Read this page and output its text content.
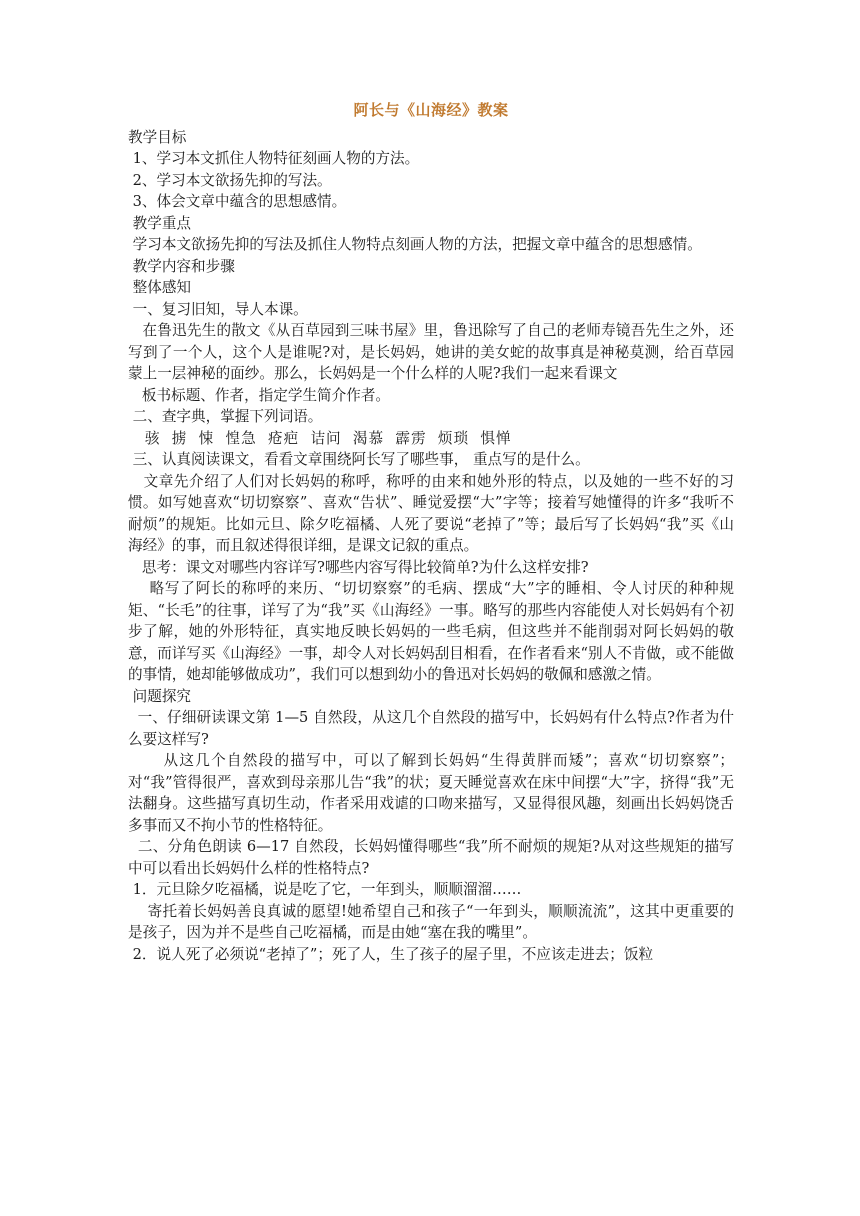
阿长与《山海经》教案

教学目标

1、学习本文抓住人物特征刻画人物的方法。

2、学习本文欲扬先抑的写法。

3、体会文章中蕴含的思想感情。

教学重点

学习本文欲扬先抑的写法及抓住人物特点刻画人物的方法，把握文章中蕴含的思想感情。

教学内容和步骤

整体感知

一、复习旧知，导人本课。

在鲁迅先生的散文《从百草园到三味书屋》里，鲁迅除写了自己的老师寿镜吾先生之外，还写到了一个人，这个人是谁呢?对，是长妈妈，她讲的美女蛇的故事真是神秘莫测，给百草园蒙上一层神秘的面纱。那么，长妈妈是一个什么样的人呢?我们一起来看课文

板书标题、作者，指定学生简介作者。

二、查字典，掌握下列词语。

骇  掳  悚  惶急  疮疤  诘问  渴慕  霹雳  烦琐  惧惮

三、认真阅读课文，看看文章围绕阿长写了哪些事， 重点写的是什么。

文章先介绍了人们对长妈妈的称呼，称呼的由来和她外形的特点，以及她的一些不好的习惯。如写她喜欢“切切察察”、喜欢“告状”、睡觉爱摆“大”字等；接着写她懂得的许多“我听不耐烦”的规矩。比如元旦、除夕吃福橘、人死了要说“老掉了”等；最后写了长妈妈“我”买《山海经》的事，而且叙述得很详细，是课文记叙的重点。

思考：课文对哪些内容详写?哪些内容写得比较简单?为什么这样安排?

略写了阿长的称呼的来历、“切切察察”的毛病、摆成“大”字的睡相、令人讨厌的种种规矩、“长毛”的往事，详写了为“我”买《山海经》一事。略写的那些内容能使人对长妈妈有个初步了解，她的外形特征，真实地反映长妈妈的一些毛病，但这些并不能削弱对阿长妈妈的敬意，而详写买《山海经》一事，却令人对长妈妈刮目相看，在作者看来“别人不肯做，或不能做的事情，她却能够做成功”，我们可以想到幼小的鲁迅对长妈妈的敬佩和感激之情。

问题探究

一、仔细研读课文第 1—5 自然段，从这几个自然段的描写中，长妈妈有什么特点?作者为什么要这样写?

从这几个自然段的描写中，可以了解到长妈妈“生得黄胖而矮”；喜欢“切切察察”；对“我”管得很严，喜欢到母亲那儿告“我”的状；夏天睡觉喜欢在床中间摆“大”字，挤得“我”无法翻身。这些描写真切生动，作者采用戏谑的口吻来描写，又显得很风趣，刻画出长妈妈饶舌多事而又不拘小节的性格特征。

二、分角色朗读 6—17 自然段，长妈妈懂得哪些“我”所不耐烦的规矩?从对这些规矩的描写中可以看出长妈妈什么样的性格特点?

1．元旦除夕吃福橘，说是吃了它，一年到头，顺顺溜溜……

寄托着长妈妈善良真诚的愿望!她希望自己和孩子“一年到头，顺顺流流”，这其中更重要的是孩子，因为并不是些自己吃福橘，而是由她“塞在我的嘴里”。

2．说人死了必须说“老掉了”；死了人，生了孩子的屋子里，不应该走进去；饭粒
